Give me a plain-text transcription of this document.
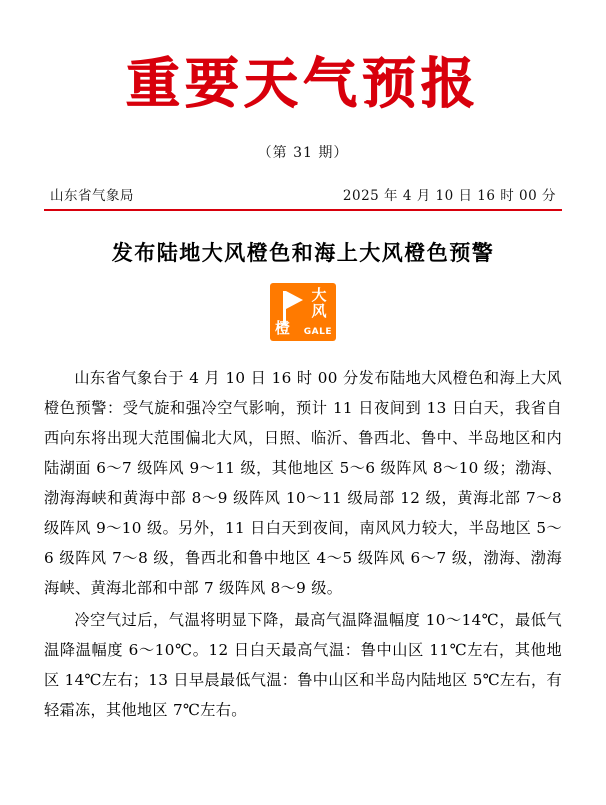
重要天气预报
（第 31 期）
山东省气象局	2025 年 4 月 10 日 16 时 00 分
发布陆地大风橙色和海上大风橙色预警
大风
橙 GALE

山东省气象台于 4 月 10 日 16 时 00 分发布陆地大风橙色和海上大风橙色预警：受气旋和强冷空气影响，预计 11 日夜间到 13 日白天，我省自西向东将出现大范围偏北大风，日照、临沂、鲁西北、鲁中、半岛地区和内陆湖面 6～7 级阵风 9～11 级，其他地区 5～6 级阵风 8～10 级；渤海、渤海海峡和黄海中部 8～9 级阵风 10～11 级局部 12 级，黄海北部 7～8 级阵风 9～10 级。另外，11 日白天到夜间，南风风力较大，半岛地区 5～6 级阵风 7～8 级，鲁西北和鲁中地区 4～5 级阵风 6～7 级，渤海、渤海海峡、黄海北部和中部 7 级阵风 8～9 级。

冷空气过后，气温将明显下降，最高气温降温幅度 10～14℃，最低气温降温幅度 6～10℃。12 日白天最高气温：鲁中山区 11℃左右，其他地区 14℃左右；13 日早晨最低气温：鲁中山区和半岛内陆地区 5℃左右，有轻霜冻，其他地区 7℃左右。
